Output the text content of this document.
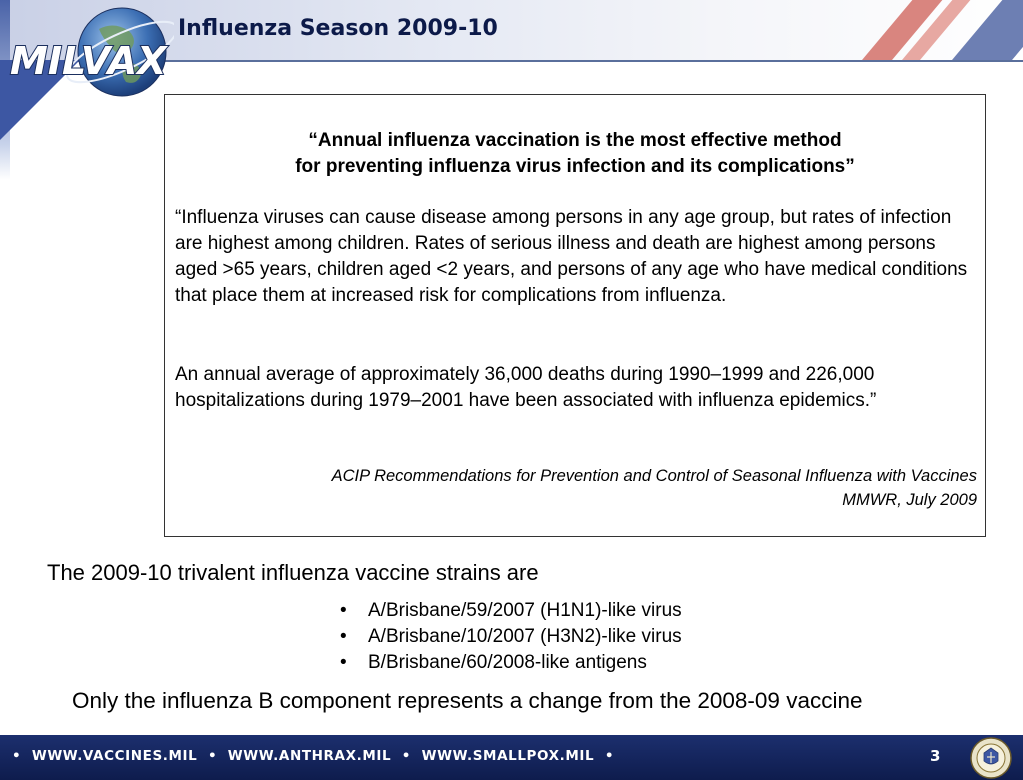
MILVAX
Influenza Season 2009-10
“Annual influenza vaccination is the most effective method
for preventing influenza virus infection and its complications”
“Influenza viruses can cause disease among persons in any age group, but rates of infection are highest among children. Rates of serious illness and death are highest among persons aged >65 years, children aged <2 years, and persons of any age who have medical conditions that place them at increased risk for complications from influenza.
An annual average of approximately 36,000 deaths during 1990–1999 and 226,000 hospitalizations during 1979–2001 have been associated with influenza epidemics.”
ACIP Recommendations for Prevention and Control of Seasonal Influenza with Vaccines
MMWR, July 2009

The 2009-10 trivalent influenza vaccine strains are

•	A/Brisbane/59/2007 (H1N1)-like virus
•	A/Brisbane/10/2007 (H3N2)-like virus
•	B/Brisbane/60/2008-like antigens
Only the influenza B component represents a change from the 2008-09 vaccine
•  WWW.VACCINES.MIL  •  WWW.ANTHRAX.MIL  •  WWW.SMALLPOX.MIL  •	3
